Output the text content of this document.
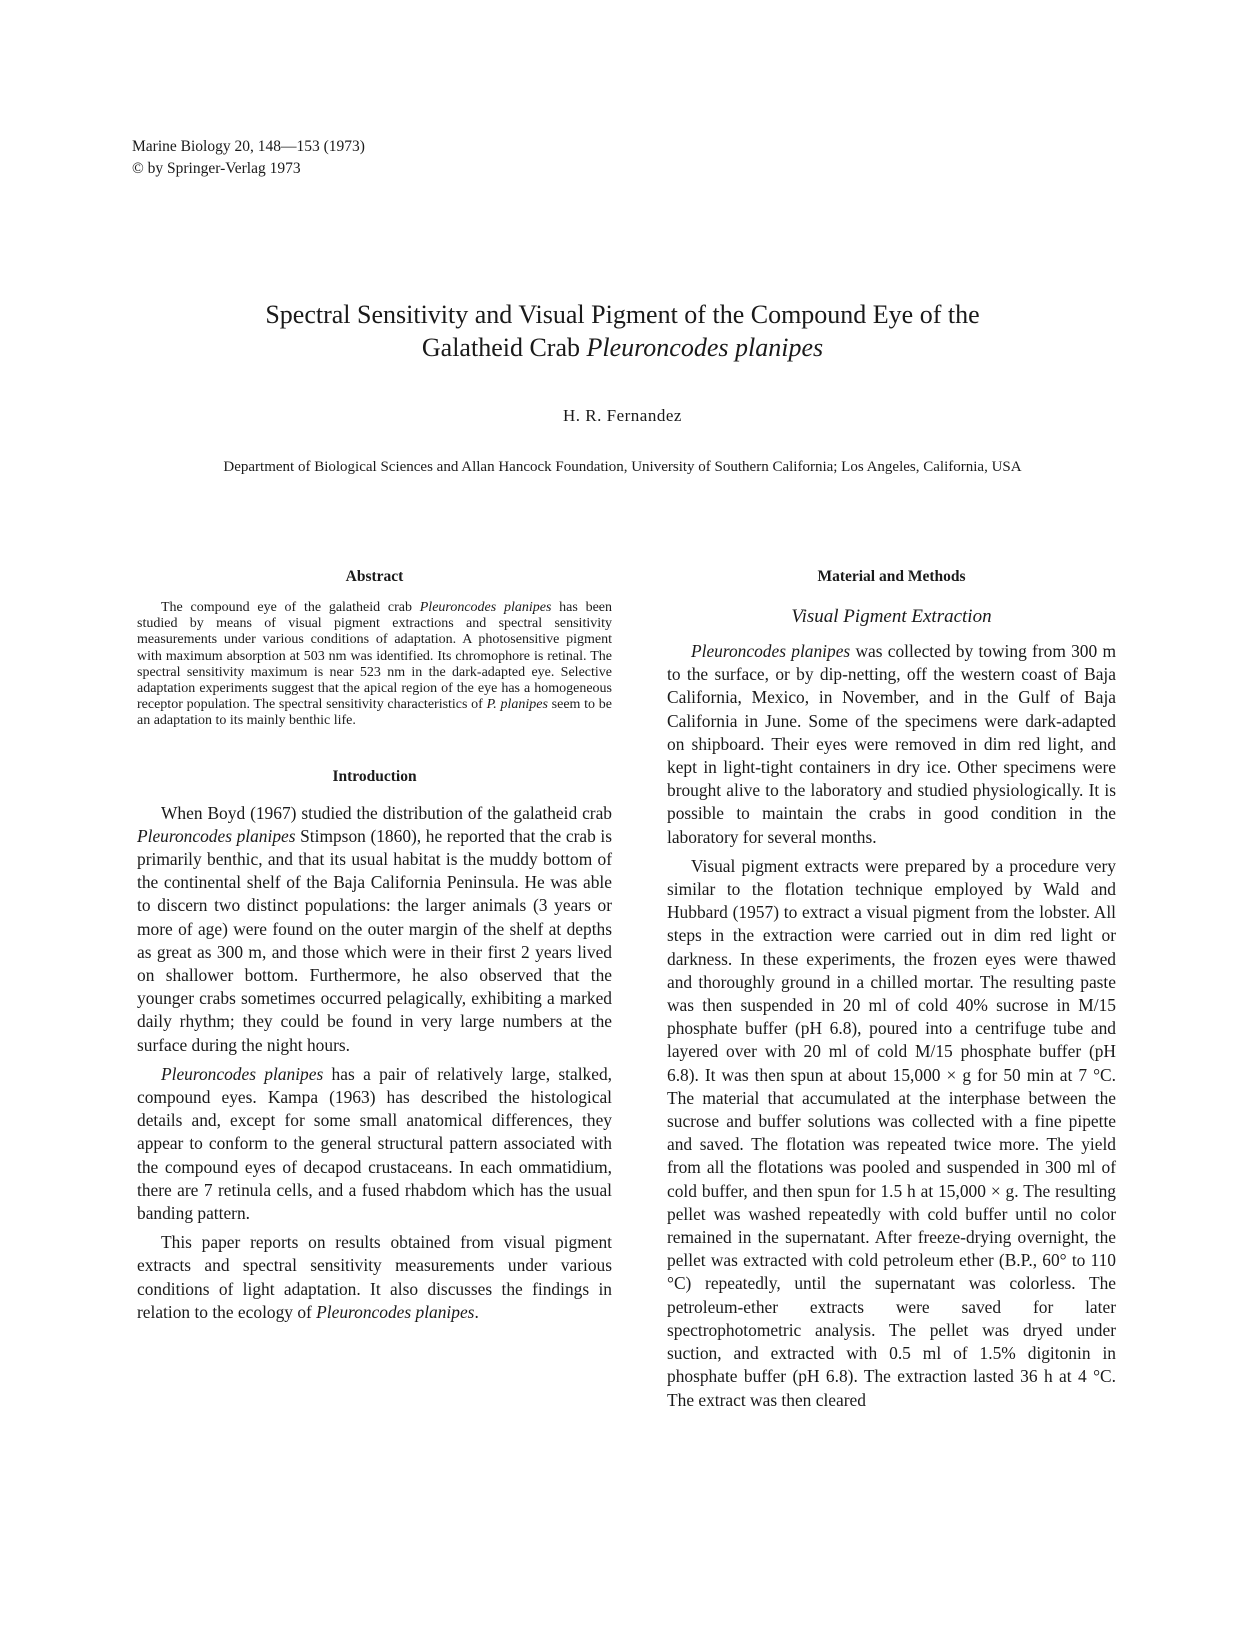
Marine Biology 20, 148—153 (1973)
© by Springer-Verlag 1973
Spectral Sensitivity and Visual Pigment of the Compound Eye of the
Galatheid Crab Pleuroncodes planipes
H. R. Fernandez
Department of Biological Sciences and Allan Hancock Foundation, University of Southern California; Los Angeles, California, USA
Abstract

The compound eye of the galatheid crab Pleuroncodes planipes has been studied by means of visual pigment extractions and spectral sensitivity measurements under various conditions of adaptation. A photosensitive pigment with maximum absorption at 503 nm was identified. Its chromophore is retinal. The spectral sensitivity maximum is near 523 nm in the dark-adapted eye. Selective adaptation experiments suggest that the apical region of the eye has a homogeneous receptor population. The spectral sensitivity characteristics of P. planipes seem to be an adaptation to its mainly benthic life.

Introduction

When Boyd (1967) studied the distribution of the galatheid crab Pleuroncodes planipes Stimpson (1860), he reported that the crab is primarily benthic, and that its usual habitat is the muddy bottom of the continental shelf of the Baja California Peninsula. He was able to discern two distinct populations: the larger animals (3 years or more of age) were found on the outer margin of the shelf at depths as great as 300 m, and those which were in their first 2 years lived on shallower bottom. Furthermore, he also observed that the younger crabs sometimes occurred pelagically, exhibiting a marked daily rhythm; they could be found in very large numbers at the surface during the night hours.

Pleuroncodes planipes has a pair of relatively large, stalked, compound eyes. Kampa (1963) has described the histological details and, except for some small anatomical differences, they appear to conform to the general structural pattern associated with the compound eyes of decapod crustaceans. In each ommatidium, there are 7 retinula cells, and a fused rhabdom which has the usual banding pattern.

This paper reports on results obtained from visual pigment extracts and spectral sensitivity measurements under various conditions of light adaptation. It also discusses the findings in relation to the ecology of Pleuroncodes planipes.

Material and Methods
Visual Pigment Extraction

Pleuroncodes planipes was collected by towing from 300 m to the surface, or by dip-netting, off the western coast of Baja California, Mexico, in November, and in the Gulf of Baja California in June. Some of the specimens were dark-adapted on shipboard. Their eyes were removed in dim red light, and kept in light-tight containers in dry ice. Other specimens were brought alive to the laboratory and studied physiologically. It is possible to maintain the crabs in good condition in the laboratory for several months.

Visual pigment extracts were prepared by a procedure very similar to the flotation technique employed by Wald and Hubbard (1957) to extract a visual pigment from the lobster. All steps in the extraction were carried out in dim red light or darkness. In these experiments, the frozen eyes were thawed and thoroughly ground in a chilled mortar. The resulting paste was then suspended in 20 ml of cold 40% sucrose in M/15 phosphate buffer (pH 6.8), poured into a centrifuge tube and layered over with 20 ml of cold M/15 phosphate buffer (pH 6.8). It was then spun at about 15,000 × g for 50 min at 7 °C. The material that accumulated at the interphase between the sucrose and buffer solutions was collected with a fine pipette and saved. The flotation was repeated twice more. The yield from all the flotations was pooled and suspended in 300 ml of cold buffer, and then spun for 1.5 h at 15,000 × g. The resulting pellet was washed repeatedly with cold buffer until no color remained in the supernatant. After freeze-drying overnight, the pellet was extracted with cold petroleum ether (B.P., 60° to 110 °C) repeatedly, until the supernatant was colorless. The petroleum-ether extracts were saved for later spectrophotometric analysis. The pellet was dryed under suction, and extracted with 0.5 ml of 1.5% digitonin in phosphate buffer (pH 6.8). The extraction lasted 36 h at 4 °C. The extract was then cleared
